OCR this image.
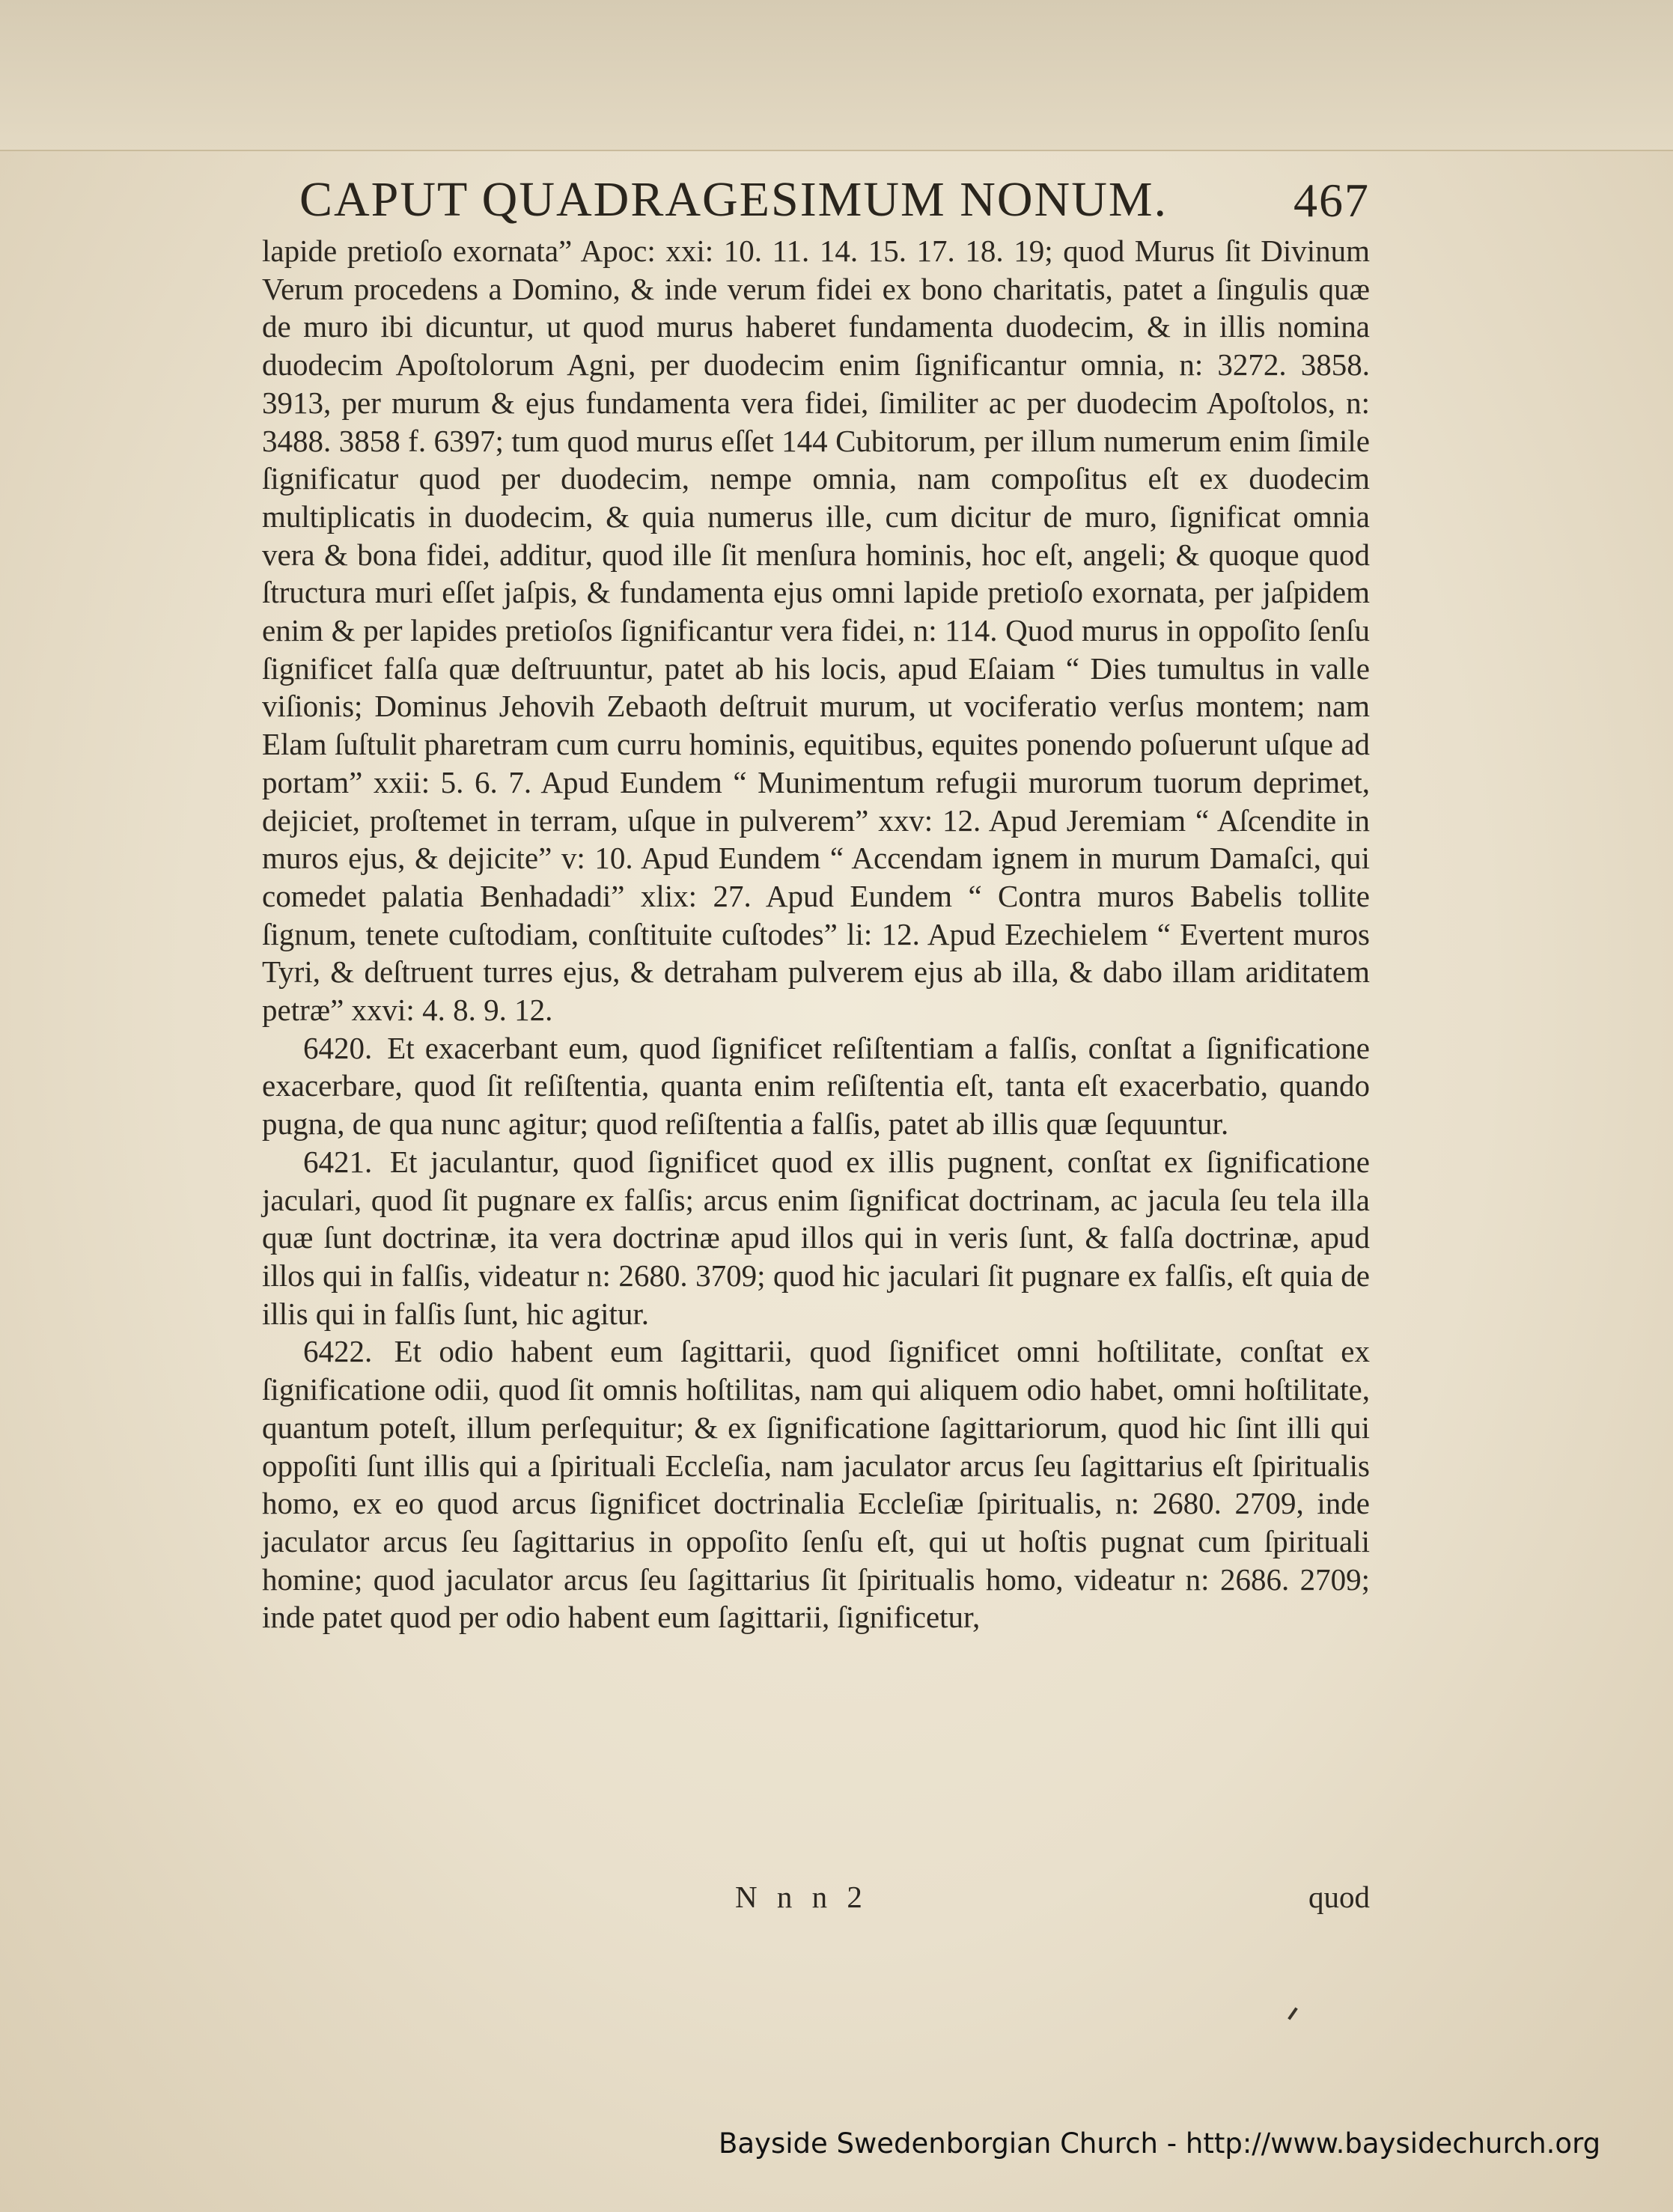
CAPUT QUADRAGESIMUM NONUM.	467

lapide pretioſo exornata” Apoc: xxi: 10. 11. 14. 15. 17. 18. 19; quod Murus ſit Divinum Verum procedens a Domino, & inde verum fidei ex bono charitatis, patet a ſingulis quæ de muro ibi dicuntur, ut quod murus haberet fundamenta duodecim, & in illis nomina duodecim Apoſtolorum Agni, per duodecim enim ſignificantur omnia, n: 3272. 3858. 3913, per murum & ejus fundamenta vera fidei, ſimiliter ac per duodecim Apoſtolos, n: 3488. 3858 f. 6397; tum quod murus eſſet 144 Cubitorum, per illum numerum enim ſimile ſignificatur quod per duodecim, nempe omnia, nam compoſitus eſt ex duodecim multiplicatis in duodecim, & quia numerus ille, cum dicitur de muro, ſignificat omnia vera & bona fidei, additur, quod ille ſit menſura hominis, hoc eſt, angeli; & quoque quod ſtructura muri eſſet jaſpis, & fundamenta ejus omni lapide pretioſo exornata, per jaſpidem enim & per lapides pretioſos ſignificantur vera fidei, n: 114. Quod murus in oppoſito ſenſu ſignificet falſa quæ deſtruuntur, patet ab his locis, apud Eſaiam “ Dies tumultus in valle viſionis; Dominus Jehovih Zebaoth deſtruit murum, ut vociferatio verſus montem; nam Elam ſuſtulit pharetram cum curru hominis, equitibus, equites ponendo poſuerunt uſque ad portam” xxii: 5. 6. 7. Apud Eundem “ Munimentum refugii murorum tuorum deprimet, dejiciet, proſtemet in terram, uſque in pulverem” xxv: 12. Apud Jeremiam “ Aſcendite in muros ejus, & dejicite” v: 10. Apud Eundem “ Accendam ignem in murum Damaſci, qui comedet palatia Benhadadi” xlix: 27. Apud Eundem “ Contra muros Babelis tollite ſignum, tenete cuſtodiam, conſtituite cuſtodes” li: 12. Apud Ezechielem “ Evertent muros Tyri, & deſtruent turres ejus, & detraham pulverem ejus ab illa, & dabo illam ariditatem petræ” xxvi: 4. 8. 9. 12.

6420. Et exacerbant eum, quod ſignificet reſiſtentiam a falſis, conſtat a ſignificatione exacerbare, quod ſit reſiſtentia, quanta enim reſiſtentia eſt, tanta eſt exacerbatio, quando pugna, de qua nunc agitur; quod reſiſtentia a falſis, patet ab illis quæ ſequuntur.

6421. Et jaculantur, quod ſignificet quod ex illis pugnent, conſtat ex ſignificatione jaculari, quod ſit pugnare ex falſis; arcus enim ſignificat doctrinam, ac jacula ſeu tela illa quæ ſunt doctrinæ, ita vera doctrinæ apud illos qui in veris ſunt, & falſa doctrinæ, apud illos qui in falſis, videatur n: 2680. 3709; quod hic jaculari ſit pugnare ex falſis, eſt quia de illis qui in falſis ſunt, hic agitur.

6422. Et odio habent eum ſagittarii, quod ſignificet omni hoſtilitate, conſtat ex ſignificatione odii, quod ſit omnis hoſtilitas, nam qui aliquem odio habet, omni hoſtilitate, quantum poteſt, illum perſequitur; & ex ſignificatione ſagittariorum, quod hic ſint illi qui oppoſiti ſunt illis qui a ſpirituali Eccleſia, nam jaculator arcus ſeu ſagittarius eſt ſpiritualis homo, ex eo quod arcus ſignificet doctrinalia Eccleſiæ ſpiritualis, n: 2680. 2709, inde jaculator arcus ſeu ſagittarius in oppoſito ſenſu eſt, qui ut hoſtis pugnat cum ſpirituali homine; quod jaculator arcus ſeu ſagittarius ſit ſpiritualis homo, videatur n: 2686. 2709; inde patet quod per odio habent eum ſagittarii, ſignificetur,

N n n 2	quod
Bayside Swedenborgian Church - http://www.baysidechurch.org
